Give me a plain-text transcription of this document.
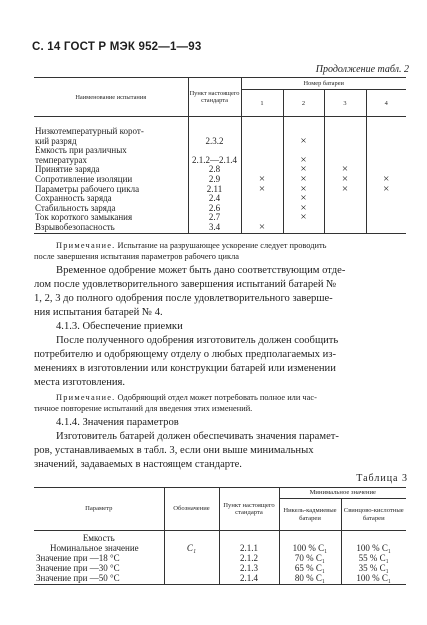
С. 14 ГОСТ Р МЭК 952—1—93
Продолжение табл. 2
Наименование испытания	Пункт настоящего стандарта	Номер батареи			
		1	2	3	4

Низкотемпературный корот-					
кий разряд	2.3.2		×		
Емкость при различных					
температурах	2.1.2—2.1.4		×		
Принятие заряда	2.8		×	×	
Сопротивление изоляции	2.9	×	×	×	×
Параметры рабочего цикла	2.11	×	×	×	×
Сохранность заряда	2.4		×		
Стабильность заряда	2.6		×		
Ток короткого замыкания	2.7		×		
Взрывобезопасность	3.4	×			
Примечание. Испытание на разрушающее ускорение следует проводить
после завершения испытания параметров рабочего цикла
Временное одобрение может быть дано соответствующим отде-
лом после удовлетворительного завершения испытаний батарей №
1, 2, 3 до полного одобрения после удовлетворительного заверше-
ния испытания батарей № 4.
4.1.3. Обеспечение приемки
После полученного одобрения изготовитель должен сообщить
потребителю и одобряющему отделу о любых предполагаемых из-
менениях в изготовлении или конструкции батарей или изменении
места изготовления.
Примечание. Одобряющий отдел может потребовать полное или час-
тичное повторение испытаний для введения этих изменений.
4.1.4. Значения параметров
Изготовитель батарей должен обеспечивать значения парамет-
ров, устанавливаемых в табл. 3, если они выше минимальных
значений, задаваемых в настоящем стандарте.
Таблица 3
Параметр	Обозначение	Пункт настоящего стандарта	Минимальное значение	
			Никель-кадмиевые батареи	Свинцово-кислотные батареи

Емкость				
Номинальное значение	C₁	2.1.1	100 % C₁	100 % C₁
Значение при —18 °С		2.1.2	70 % C₁	55 % C₁
Значение при —30 °С		2.1.3	65 % C₁	35 % C₁
Значение при —50 °С		2.1.4	80 % C₁	100 % C₁
